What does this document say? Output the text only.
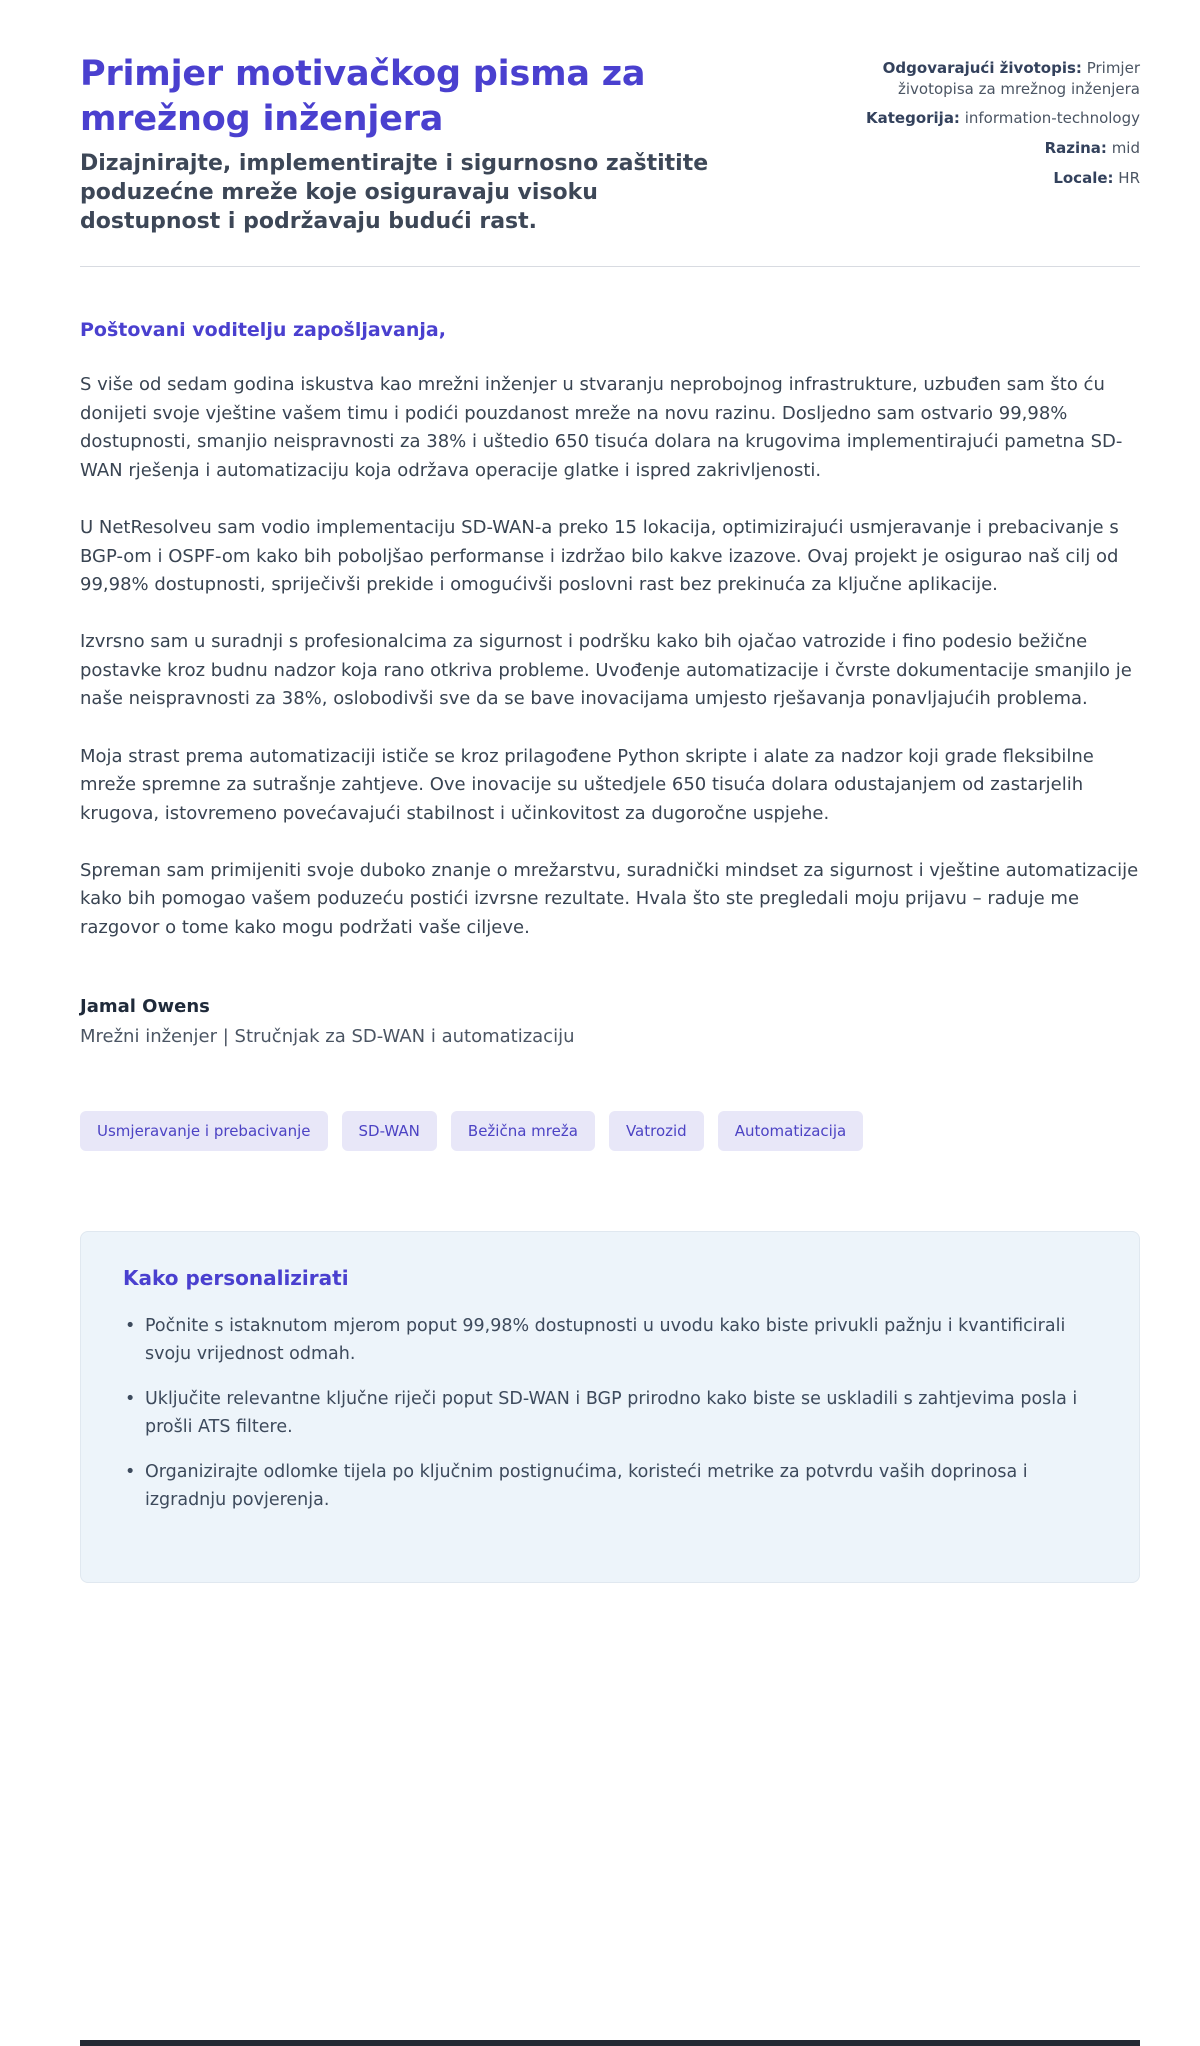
Primjer motivačkog pisma za mrežnog inženjera
Dizajnirajte, implementirajte i sigurnosno zaštitite poduzećne mreže koje osiguravaju visoku dostupnost i podržavaju budući rast.
Odgovarajući životopis: Primjer životopisa za mrežnog inženjera
Kategorija: information-technology
Razina: mid
Locale: HR
Poštovani voditelju zapošljavanja,

S više od sedam godina iskustva kao mrežni inženjer u stvaranju neprobojnog infrastrukture, uzbuđen sam što ću donijeti svoje vještine vašem timu i podići pouzdanost mreže na novu razinu. Dosljedno sam ostvario 99,98% dostupnosti, smanjio neispravnosti za 38% i uštedio 650 tisuća dolara na krugovima implementirajući pametna SD-WAN rješenja i automatizaciju koja održava operacije glatke i ispred zakrivljenosti.

U NetResolveu sam vodio implementaciju SD-WAN-a preko 15 lokacija, optimizirajući usmjeravanje i prebacivanje s BGP-om i OSPF-om kako bih poboljšao performanse i izdržao bilo kakve izazove. Ovaj projekt je osigurao naš cilj od 99,98% dostupnosti, spriječivši prekide i omogućivši poslovni rast bez prekinuća za ključne aplikacije.

Izvrsno sam u suradnji s profesionalcima za sigurnost i podršku kako bih ojačao vatrozide i fino podesio bežične postavke kroz budnu nadzor koja rano otkriva probleme. Uvođenje automatizacije i čvrste dokumentacije smanjilo je naše neispravnosti za 38%, oslobodivši sve da se bave inovacijama umjesto rješavanja ponavljajućih problema.

Moja strast prema automatizaciji ističe se kroz prilagođene Python skripte i alate za nadzor koji grade fleksibilne mreže spremne za sutrašnje zahtjeve. Ove inovacije su uštedjele 650 tisuća dolara odustajanjem od zastarjelih krugova, istovremeno povećavajući stabilnost i učinkovitost za dugoročne uspjehe.

Spreman sam primijeniti svoje duboko znanje o mrežarstvu, suradnički mindset za sigurnost i vještine automatizacije kako bih pomogao vašem poduzeću postići izvrsne rezultate. Hvala što ste pregledali moju prijavu – raduje me razgovor o tome kako mogu podržati vaše ciljeve.

Jamal Owens
Mrežni inženjer | Stručnjak za SD-WAN i automatizaciju
Usmjeravanje i prebacivanje	SD-WAN	Bežična mreža	Vatrozid	Automatizacija
Kako personalizirati
• Počnite s istaknutom mjerom poput 99,98% dostupnosti u uvodu kako biste privukli pažnju i kvantificirali svoju vrijednost odmah.
• Uključite relevantne ključne riječi poput SD-WAN i BGP prirodno kako biste se uskladili s zahtjevima posla i prošli ATS filtere.
• Organizirajte odlomke tijela po ključnim postignućima, koristeći metrike za potvrdu vaših doprinosa i izgradnju povjerenja.
